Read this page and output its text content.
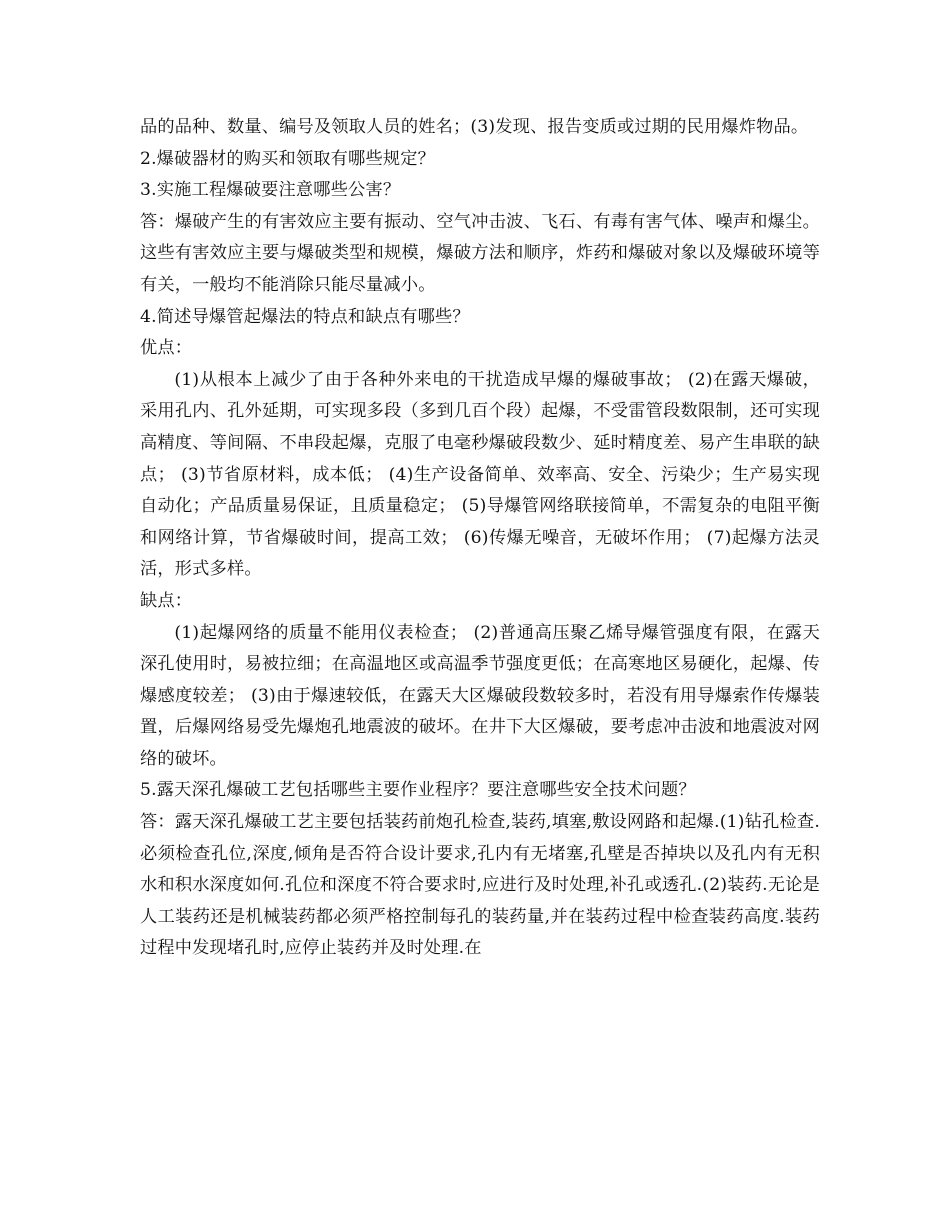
品的品种、数量、编号及领取人员的姓名；(3)发现、报告变质或过期的民用爆炸物品。

2.爆破器材的购买和领取有哪些规定？

3.实施工程爆破要注意哪些公害？

答：爆破产生的有害效应主要有振动、空气冲击波、飞石、有毒有害气体、噪声和爆尘。这些有害效应主要与爆破类型和规模，爆破方法和顺序，炸药和爆破对象以及爆破环境等有关，一般均不能消除只能尽量减小。

4.简述导爆管起爆法的特点和缺点有哪些？

优点：

(1)从根本上减少了由于各种外来电的干扰造成早爆的爆破事故； (2)在露天爆破，采用孔内、孔外延期，可实现多段（多到几百个段）起爆，不受雷管段数限制，还可实现高精度、等间隔、不串段起爆，克服了电毫秒爆破段数少、延时精度差、易产生串联的缺点； (3)节省原材料，成本低； (4)生产设备简单、效率高、安全、污染少；生产易实现自动化；产品质量易保证，且质量稳定； (5)导爆管网络联接简单，不需复杂的电阻平衡和网络计算，节省爆破时间，提高工效； (6)传爆无噪音，无破坏作用； (7)起爆方法灵活，形式多样。

缺点：

(1)起爆网络的质量不能用仪表检查； (2)普通高压聚乙烯导爆管强度有限，在露天深孔使用时，易被拉细；在高温地区或高温季节强度更低；在高寒地区易硬化，起爆、传爆感度较差； (3)由于爆速较低，在露天大区爆破段数较多时，若没有用导爆索作传爆装置，后爆网络易受先爆炮孔地震波的破坏。在井下大区爆破，要考虑冲击波和地震波对网络的破坏。

5.露天深孔爆破工艺包括哪些主要作业程序？要注意哪些安全技术问题？

答：露天深孔爆破工艺主要包括装药前炮孔检查,装药,填塞,敷设网路和起爆.(1)钻孔检查.必须检查孔位,深度,倾角是否符合设计要求,孔内有无堵塞,孔壁是否掉块以及孔内有无积水和积水深度如何.孔位和深度不符合要求时,应进行及时处理,补孔或透孔.(2)装药.无论是人工装药还是机械装药都必须严格控制每孔的装药量,并在装药过程中检查装药高度.装药过程中发现堵孔时,应停止装药并及时处理.在
